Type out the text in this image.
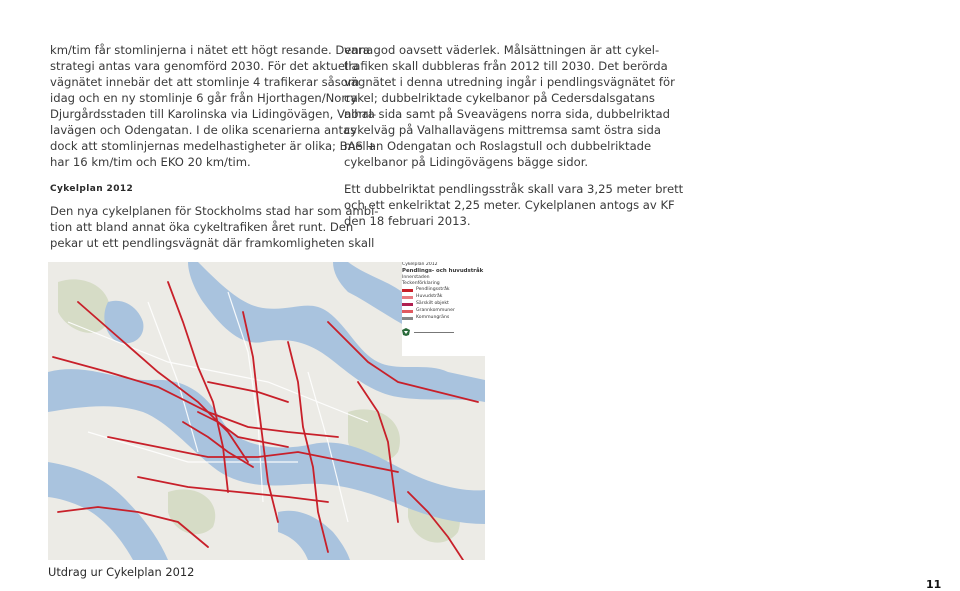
km/tim får stomlinjerna i nätet ett högt resande. Denna
strategi antas vara genomförd 2030. För det aktuella
vägnätet innebär det att stomlinje 4 trafikerar såsom
idag och en ny stomlinje 6 går från Hjorthagen/Norra
Djurgårdsstaden till Karolinska via Lidingövägen, Valhal-
lavägen och Odengatan. I de olika scenarierna antas
dock att stomlinjernas medelhastigheter är olika; BAS +
har 16 km/tim och EKO 20 km/tim.
Cykelplan 2012
Den nya cykelplanen för Stockholms stad har som ambi-
tion att bland annat öka cykeltrafiken året runt. Den
pekar ut ett pendlingsvägnät där framkomligheten skall
vara god oavsett väderlek. Målsättningen är att cykel-
trafiken skall dubbleras från 2012 till 2030. Det berörda
vägnätet i denna utredning ingår i pendlingsvägnätet för
cykel; dubbelriktade cykelbanor på Cedersdalsgatans
norra sida samt på Sveavägens norra sida, dubbelriktad
cykelväg på Valhallavägens mittremsa samt östra sida
mellan Odengatan och Roslagstull och dubbelriktade
cykelbanor på Lidingövägens bägge sidor.
Ett dubbelriktat pendlingsstråk skall vara 3,25 meter brett
och ett enkelriktat 2,25 meter. Cykelplanen antogs av KF
den 18 februari 2013.
Cykelplan 2012
Pendlings- och huvudstråk
Innerstaden
Teckenförklaring
Pendlingsstråk
Huvudstråk
Särskilt objekt
Grannkommuner
Kommungräns
Utdrag ur Cykelplan 2012
11
